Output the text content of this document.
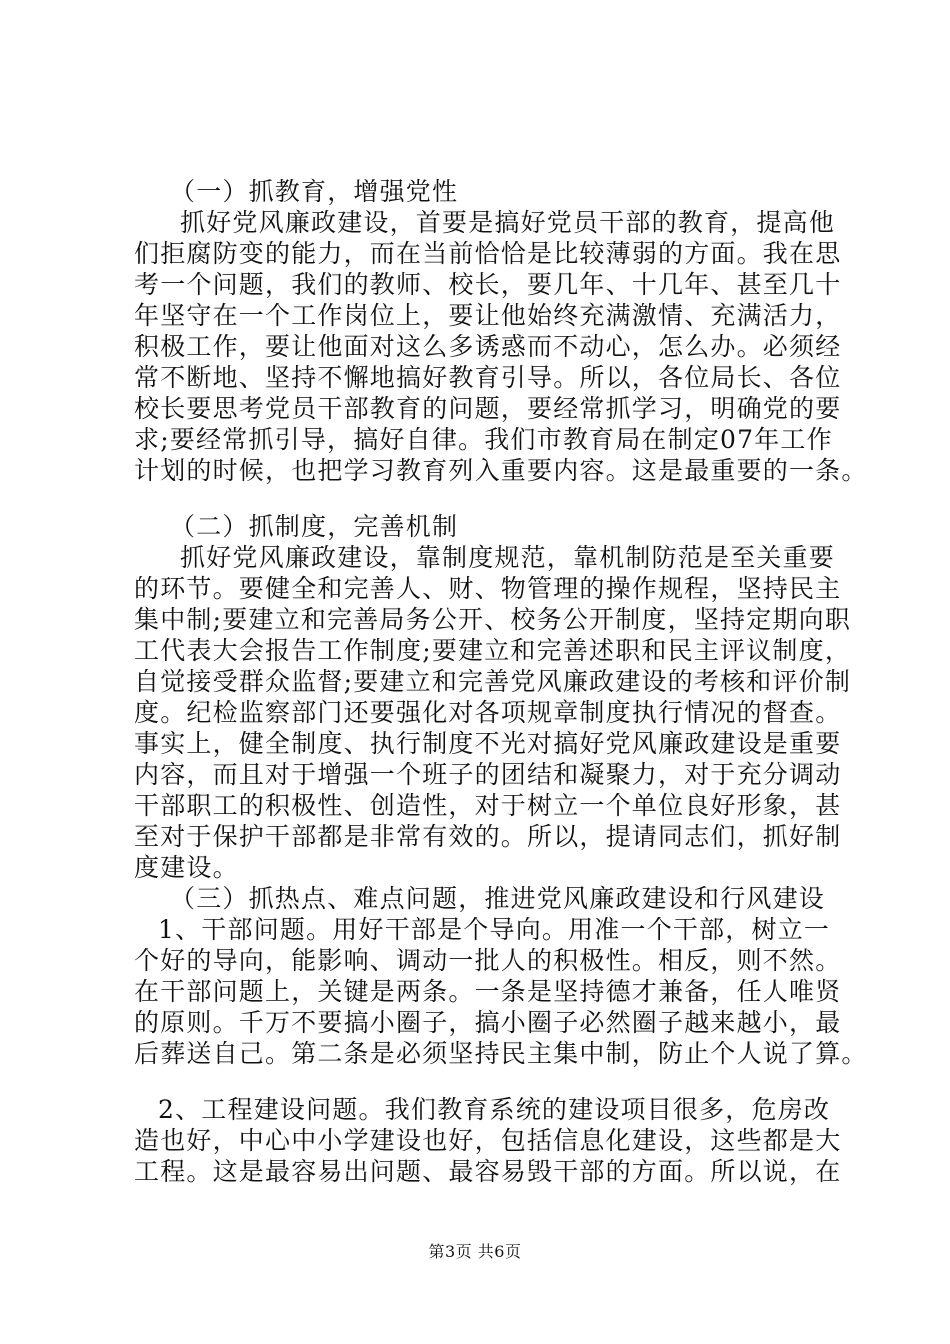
（一）抓教育，增强党性
抓好党风廉政建设，首要是搞好党员干部的教育，提高他
们拒腐防变的能力，而在当前恰恰是比较薄弱的方面。我在思
考一个问题，我们的教师、校长，要几年、十几年、甚至几十
年坚守在一个工作岗位上，要让他始终充满激情、充满活力，
积极工作，要让他面对这么多诱惑而不动心，怎么办。必须经
常不断地、坚持不懈地搞好教育引导。所以，各位局长、各位
校长要思考党员干部教育的问题，要经常抓学习，明确党的要
求;要经常抓引导，搞好自律。我们市教育局在制定07年工作
计划的时候，也把学习教育列入重要内容。这是最重要的一条。
（二）抓制度，完善机制
抓好党风廉政建设，靠制度规范，靠机制防范是至关重要
的环节。要健全和完善人、财、物管理的操作规程，坚持民主
集中制;要建立和完善局务公开、校务公开制度，坚持定期向职
工代表大会报告工作制度;要建立和完善述职和民主评议制度，
自觉接受群众监督;要建立和完善党风廉政建设的考核和评价制
度。纪检监察部门还要强化对各项规章制度执行情况的督查。
事实上，健全制度、执行制度不光对搞好党风廉政建设是重要
内容，而且对于增强一个班子的团结和凝聚力，对于充分调动
干部职工的积极性、创造性，对于树立一个单位良好形象，甚
至对于保护干部都是非常有效的。所以，提请同志们，抓好制
度建设。
（三）抓热点、难点问题，推进党风廉政建设和行风建设
1、干部问题。用好干部是个导向。用准一个干部，树立一
个好的导向，能影响、调动一批人的积极性。相反，则不然。
在干部问题上，关键是两条。一条是坚持德才兼备，任人唯贤
的原则。千万不要搞小圈子，搞小圈子必然圈子越来越小，最
后葬送自己。第二条是必须坚持民主集中制，防止个人说了算。
2、工程建设问题。我们教育系统的建设项目很多，危房改
造也好，中心中小学建设也好，包括信息化建设，这些都是大
工程。这是最容易出问题、最容易毁干部的方面。所以说，在
第3页 共6页
